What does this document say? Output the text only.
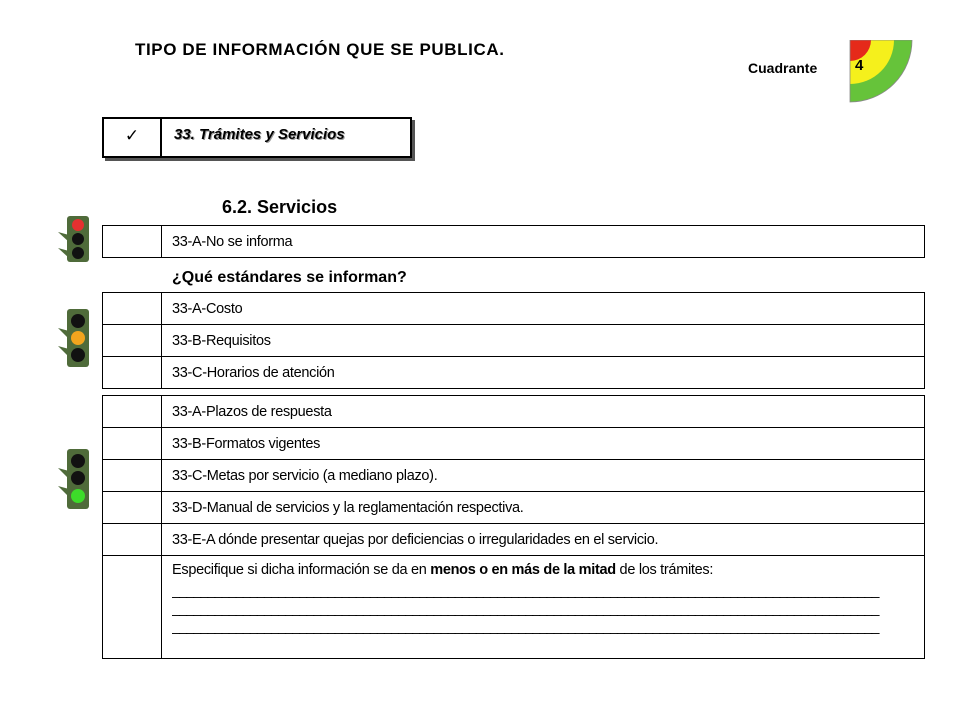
TIPO DE INFORMACIÓN QUE SE PUBLICA.
Cuadrante	4
✓	33. Trámites y Servicios
6.2. Servicios
	33-A-No se informa
¿Qué estándares se informan?
	33-A-Costo
	33-B-Requisitos
	33-C-Horarios de atención
	33-A-Plazos de respuesta
	33-B-Formatos vigentes
	33-C-Metas por servicio (a mediano plazo).
	33-D-Manual de servicios y la reglamentación respectiva.
	33-E-A dónde presentar quejas por deficiencias o irregularidades en el servicio.

	Especifique si dicha información se da en menos o en más de la mitad de los trámites:
____________________________________________________________________________________________________
____________________________________________________________________________________________________
____________________________________________________________________________________________________
